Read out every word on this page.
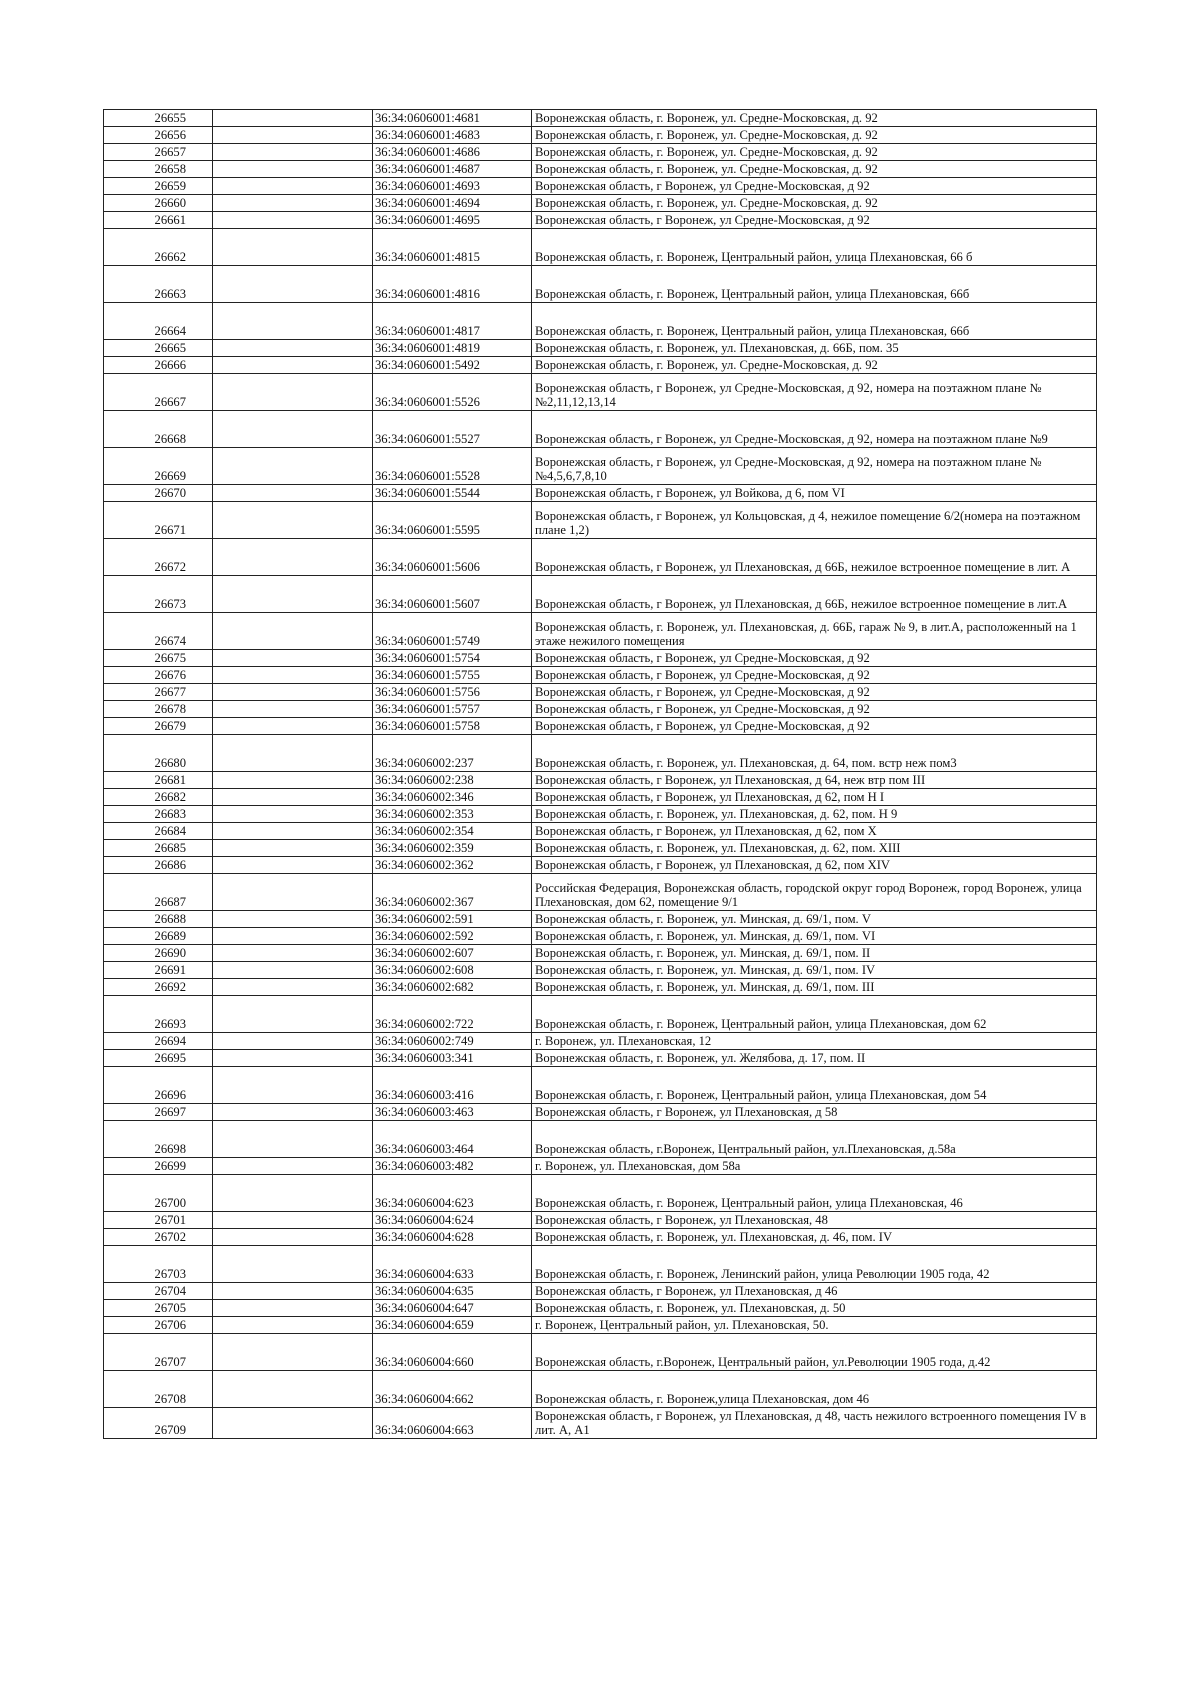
26655		36:34:0606001:4681	Воронежская область, г. Воронеж, ул. Средне-Московская, д. 92
26656		36:34:0606001:4683	Воронежская область, г. Воронеж, ул. Средне-Московская, д. 92
26657		36:34:0606001:4686	Воронежская область, г. Воронеж, ул. Средне-Московская, д. 92
26658		36:34:0606001:4687	Воронежская область, г. Воронеж, ул. Средне-Московская, д. 92
26659		36:34:0606001:4693	Воронежская область, г Воронеж, ул Средне-Московская, д 92
26660		36:34:0606001:4694	Воронежская область, г. Воронеж, ул. Средне-Московская, д. 92
26661		36:34:0606001:4695	Воронежская область, г Воронеж, ул Средне-Московская, д 92
26662		36:34:0606001:4815	Воронежская область, г. Воронеж, Центральный район, улица Плехановская, 66 б
26663		36:34:0606001:4816	Воронежская область, г. Воронеж, Центральный район, улица Плехановская, 66б
26664		36:34:0606001:4817	Воронежская область, г. Воронеж, Центральный район, улица Плехановская, 66б
26665		36:34:0606001:4819	Воронежская область, г. Воронеж, ул. Плехановская, д. 66Б, пом. 35
26666		36:34:0606001:5492	Воронежская область, г. Воронеж, ул. Средне-Московская, д. 92
26667		36:34:0606001:5526	Воронежская область, г Воронеж, ул Средне-Московская, д 92, номера на поэтажном плане №№2,11,12,13,14
26668		36:34:0606001:5527	Воронежская область, г Воронеж, ул Средне-Московская, д 92, номера на поэтажном плане №9
26669		36:34:0606001:5528	Воронежская область, г Воронеж, ул Средне-Московская, д 92, номера на поэтажном плане №№4,5,6,7,8,10
26670		36:34:0606001:5544	Воронежская область, г Воронеж, ул Войкова, д 6, пом VI
26671		36:34:0606001:5595	Воронежская область, г Воронеж, ул Кольцовская, д 4, нежилое помещение 6/2(номера на поэтажном плане 1,2)
26672		36:34:0606001:5606	Воронежская область, г Воронеж, ул Плехановская, д 66Б, нежилое встроенное помещение в лит. А
26673		36:34:0606001:5607	Воронежская область, г Воронеж, ул Плехановская, д 66Б, нежилое встроенное помещение в лит.А
26674		36:34:0606001:5749	Воронежская область, г. Воронеж, ул. Плехановская, д. 66Б, гараж № 9, в лит.А, расположенный на 1 этаже нежилого помещения
26675		36:34:0606001:5754	Воронежская область, г Воронеж, ул Средне-Московская, д 92
26676		36:34:0606001:5755	Воронежская область, г Воронеж, ул Средне-Московская, д 92
26677		36:34:0606001:5756	Воронежская область, г Воронеж, ул Средне-Московская, д 92
26678		36:34:0606001:5757	Воронежская область, г Воронеж, ул Средне-Московская, д 92
26679		36:34:0606001:5758	Воронежская область, г Воронеж, ул Средне-Московская, д 92
26680		36:34:0606002:237	Воронежская область, г. Воронеж, ул. Плехановская, д. 64, пом. встр неж пом3
26681		36:34:0606002:238	Воронежская область, г Воронеж, ул Плехановская, д 64, неж втр пом III
26682		36:34:0606002:346	Воронежская область, г Воронеж, ул Плехановская, д 62, пом Н I
26683		36:34:0606002:353	Воронежская область, г. Воронеж, ул. Плехановская, д. 62, пом. Н 9
26684		36:34:0606002:354	Воронежская область, г Воронеж, ул Плехановская, д 62, пом Х
26685		36:34:0606002:359	Воронежская область, г. Воронеж, ул. Плехановская, д. 62, пом. XIII
26686		36:34:0606002:362	Воронежская область, г Воронеж, ул Плехановская, д 62, пом XIV
26687		36:34:0606002:367	Российская Федерация, Воронежская область, городской округ город Воронеж, город Воронеж, улица Плехановская, дом 62, помещение 9/1
26688		36:34:0606002:591	Воронежская область, г. Воронеж, ул. Минская, д. 69/1, пом. V
26689		36:34:0606002:592	Воронежская область, г. Воронеж, ул. Минская, д. 69/1, пом. VI
26690		36:34:0606002:607	Воронежская область, г. Воронеж, ул. Минская, д. 69/1, пом. II
26691		36:34:0606002:608	Воронежская область, г. Воронеж, ул. Минская, д. 69/1, пом. IV
26692		36:34:0606002:682	Воронежская область, г. Воронеж, ул. Минская, д. 69/1, пом. III
26693		36:34:0606002:722	Воронежская область, г. Воронеж, Центральный район, улица Плехановская, дом 62
26694		36:34:0606002:749	г. Воронеж, ул. Плехановская, 12
26695		36:34:0606003:341	Воронежская область, г. Воронеж, ул. Желябова, д. 17, пом. II
26696		36:34:0606003:416	Воронежская область, г. Воронеж, Центральный район, улица Плехановская, дом 54
26697		36:34:0606003:463	Воронежская область, г Воронеж, ул Плехановская, д 58
26698		36:34:0606003:464	Воронежская область, г.Воронеж, Центральный район, ул.Плехановская, д.58а
26699		36:34:0606003:482	г. Воронеж, ул. Плехановская, дом 58а
26700		36:34:0606004:623	Воронежская область, г. Воронеж, Центральный район, улица Плехановская, 46
26701		36:34:0606004:624	Воронежская область, г Воронеж, ул Плехановская, 48
26702		36:34:0606004:628	Воронежская область, г. Воронеж, ул. Плехановская, д. 46, пом. IV
26703		36:34:0606004:633	Воронежская область, г. Воронеж, Ленинский район, улица Революции 1905 года, 42
26704		36:34:0606004:635	Воронежская область, г Воронеж, ул Плехановская, д 46
26705		36:34:0606004:647	Воронежская область, г. Воронеж, ул. Плехановская, д. 50
26706		36:34:0606004:659	г. Воронеж, Центральный район, ул. Плехановская, 50.
26707		36:34:0606004:660	Воронежская область, г.Воронеж, Центральный район, ул.Революции 1905 года, д.42
26708		36:34:0606004:662	Воронежская область, г. Воронеж,улица Плехановская, дом 46
26709		36:34:0606004:663	Воронежская область, г Воронеж, ул Плехановская, д 48, часть нежилого встроенного помещения IV в лит. А, А1
